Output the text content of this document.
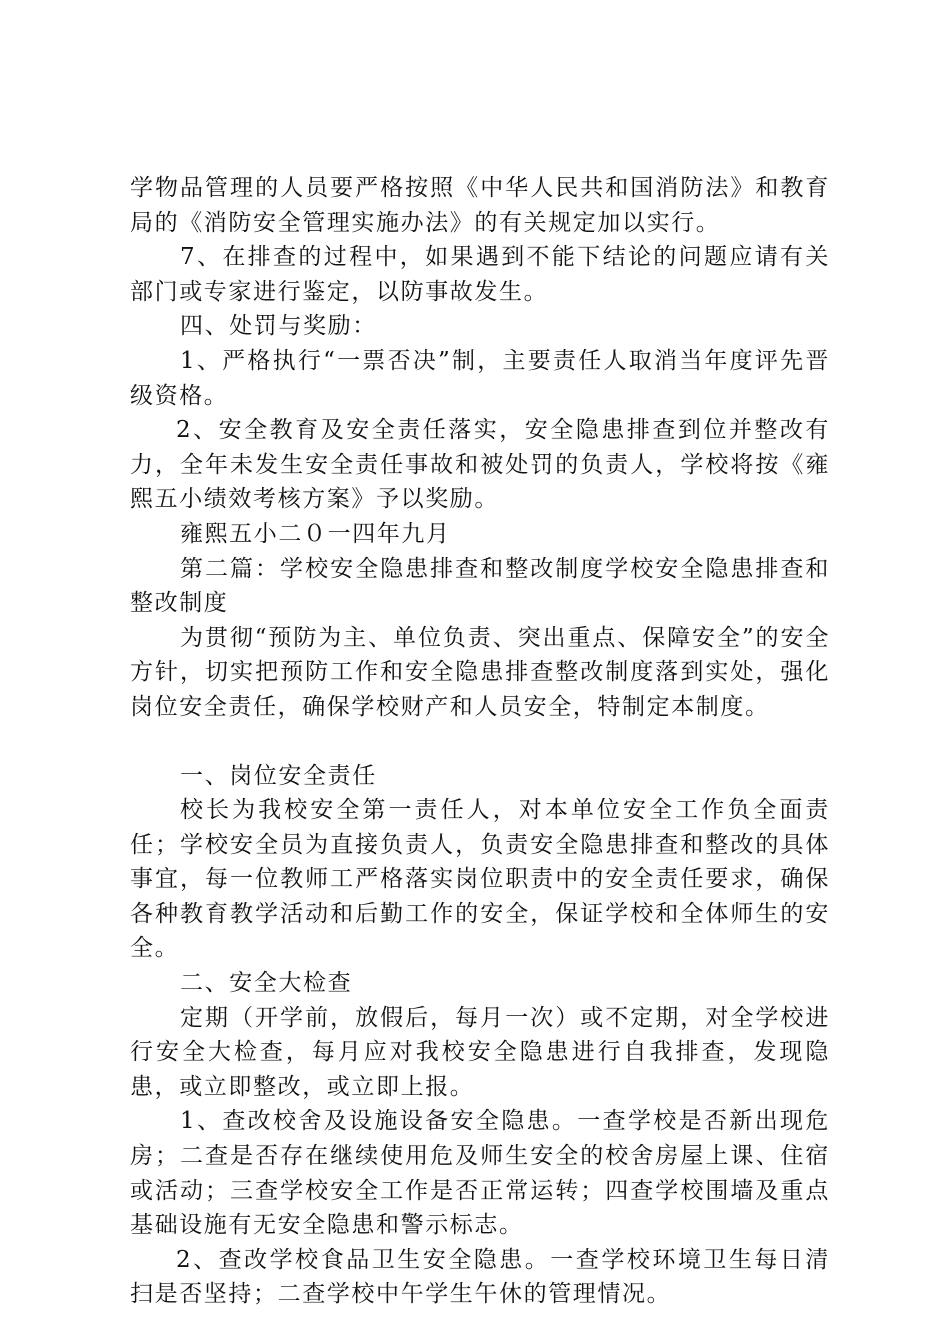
学物品管理的人员要严格按照《中华人民共和国消防法》和教育局的《消防安全管理实施办法》的有关规定加以实行。

7、在排查的过程中，如果遇到不能下结论的问题应请有关部门或专家进行鉴定，以防事故发生。

四、处罚与奖励：

1、严格执行“一票否决”制，主要责任人取消当年度评先晋级资格。

2、安全教育及安全责任落实，安全隐患排查到位并整改有力，全年未发生安全责任事故和被处罚的负责人，学校将按《雍熙五小绩效考核方案》予以奖励。

雍熙五小二０一四年九月

第二篇：学校安全隐患排查和整改制度学校安全隐患排查和整改制度

为贯彻“预防为主、单位负责、突出重点、保障安全”的安全方针，切实把预防工作和安全隐患排查整改制度落到实处，强化岗位安全责任，确保学校财产和人员安全，特制定本制度。

一、岗位安全责任

校长为我校安全第一责任人，对本单位安全工作负全面责任；学校安全员为直接负责人，负责安全隐患排查和整改的具体事宜，每一位教师工严格落实岗位职责中的安全责任要求，确保各种教育教学活动和后勤工作的安全，保证学校和全体师生的安全。

二、安全大检查

定期（开学前，放假后，每月一次）或不定期，对全学校进行安全大检查，每月应对我校安全隐患进行自我排查，发现隐患，或立即整改，或立即上报。

1、查改校舍及设施设备安全隐患。一查学校是否新出现危房；二查是否存在继续使用危及师生安全的校舍房屋上课、住宿或活动；三查学校安全工作是否正常运转；四查学校围墙及重点基础设施有无安全隐患和警示标志。

2、查改学校食品卫生安全隐患。一查学校环境卫生每日清扫是否坚持；二查学校中午学生午休的管理情况。
